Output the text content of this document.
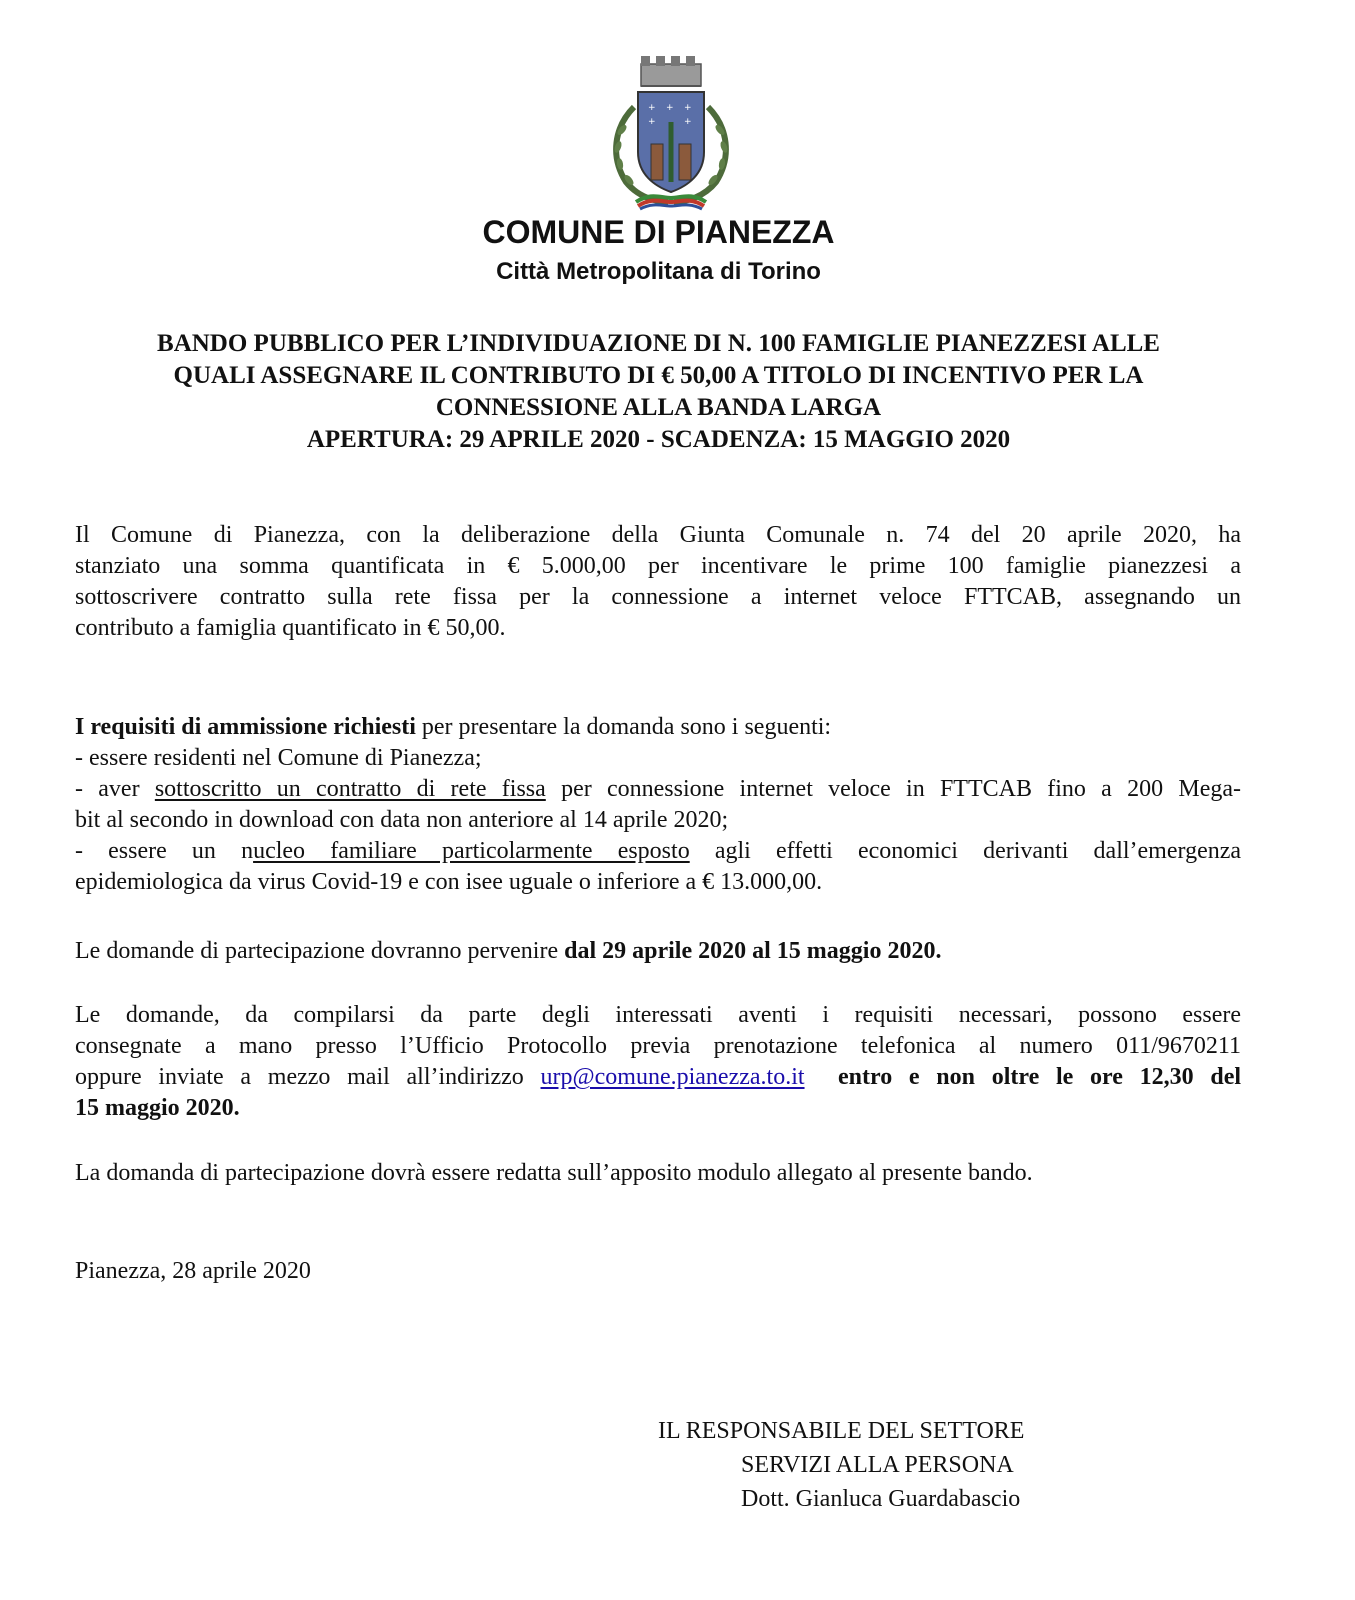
+ + +
+	+
COMUNE DI PIANEZZA
Città Metropolitana di Torino
BANDO PUBBLICO PER L’INDIVIDUAZIONE DI N. 100 FAMIGLIE PIANEZZESI ALLE
QUALI ASSEGNARE IL CONTRIBUTO DI € 50,00 A TITOLO DI INCENTIVO PER LA
CONNESSIONE ALLA BANDA LARGA
APERTURA: 29 APRILE 2020 - SCADENZA: 15 MAGGIO 2020
Il Comune di Pianezza, con la deliberazione della Giunta Comunale n. 74 del 20 aprile 2020, ha
stanziato una somma quantificata in € 5.000,00 per incentivare le prime 100 famiglie pianezzesi a
sottoscrivere contratto sulla rete fissa per la connessione a internet veloce FTTCAB, assegnando un
contributo a famiglia quantificato in € 50,00.
I requisiti di ammissione richiesti per presentare la domanda sono i seguenti:
- essere residenti nel Comune di Pianezza;
- aver sottoscritto un contratto di rete fissa per connessione internet veloce in FTTCAB fino a 200 Mega-
bit al secondo in download con data non anteriore al 14 aprile 2020;
- essere un nucleo familiare particolarmente esposto agli effetti economici derivanti dall’emergenza
epidemiologica da virus Covid-19 e con isee uguale o inferiore a € 13.000,00.
Le domande di partecipazione dovranno pervenire dal 29 aprile 2020 al 15 maggio 2020.
Le domande, da compilarsi da parte degli interessati aventi i requisiti necessari, possono essere
consegnate a mano presso l’Ufficio Protocollo previa prenotazione telefonica al numero 011/9670211
oppure inviate a mezzo mail all’indirizzo urp@comune.pianezza.to.it entro e non oltre le ore 12,30 del
15 maggio 2020.
La domanda di partecipazione dovrà essere redatta sull’apposito modulo allegato al presente bando.
Pianezza, 28 aprile 2020
IL RESPONSABILE DEL SETTORE
SERVIZI ALLA PERSONA
Dott. Gianluca Guardabascio
